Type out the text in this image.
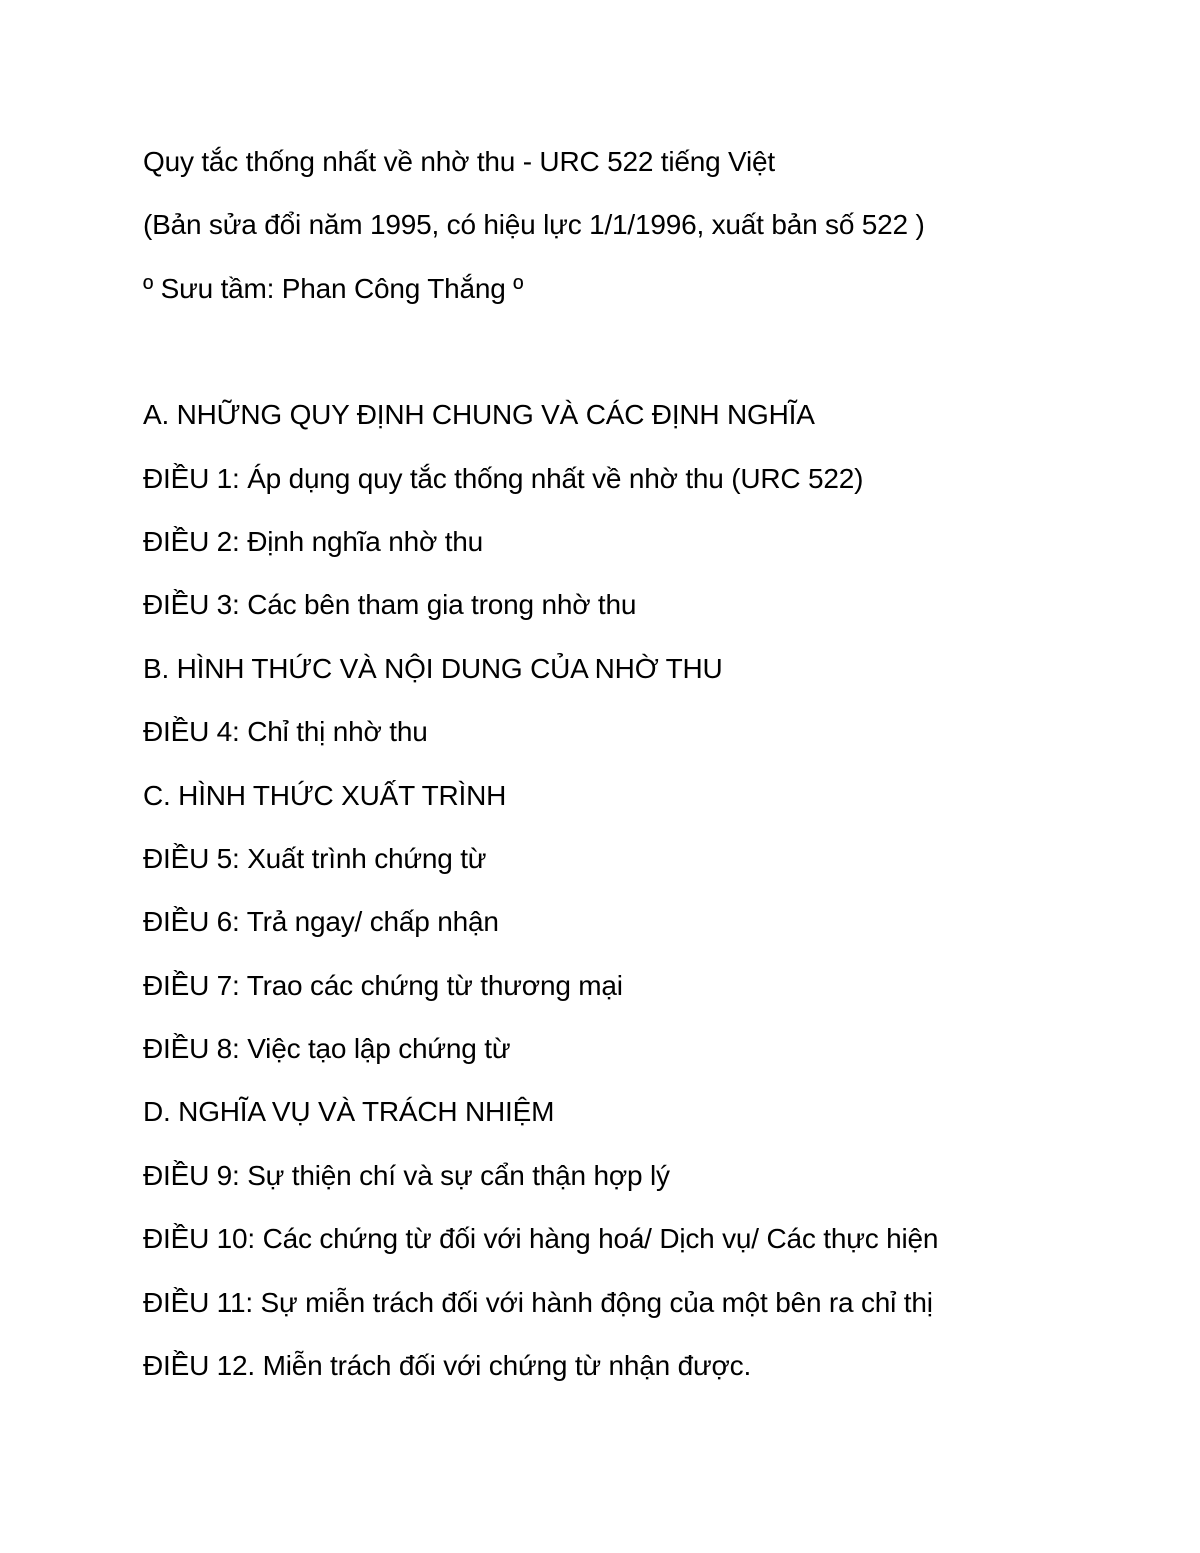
Quy tắc thống nhất về nhờ thu - URC 522 tiếng Việt
(Bản sửa đổi năm 1995, có hiệu lực 1/1/1996, xuất bản số 522 )
º Sưu tầm: Phan Công Thắng º
A. NHỮNG QUY ĐỊNH CHUNG VÀ CÁC ĐỊNH NGHĨA
ĐIỀU 1: Áp dụng quy tắc thống nhất về nhờ thu (URC 522)
ĐIỀU 2: Định nghĩa nhờ thu
ĐIỀU 3: Các bên tham gia trong nhờ thu
B. HÌNH THỨC VÀ NỘI DUNG CỦA NHỜ THU
ĐIỀU 4: Chỉ thị nhờ thu
C. HÌNH THỨC XUẤT TRÌNH
ĐIỀU 5: Xuất trình chứng từ
ĐIỀU 6: Trả ngay/ chấp nhận
ĐIỀU 7: Trao các chứng từ thương mại
ĐIỀU 8: Việc tạo lập chứng từ
D. NGHĨA VỤ VÀ TRÁCH NHIỆM
ĐIỀU 9: Sự thiện chí và sự cẩn thận hợp lý
ĐIỀU 10: Các chứng từ đối với hàng hoá/ Dịch vụ/ Các thực hiện
ĐIỀU 11: Sự miễn trách đối với hành động của một bên ra chỉ thị
ĐIỀU 12. Miễn trách đối với chứng từ nhận được.
